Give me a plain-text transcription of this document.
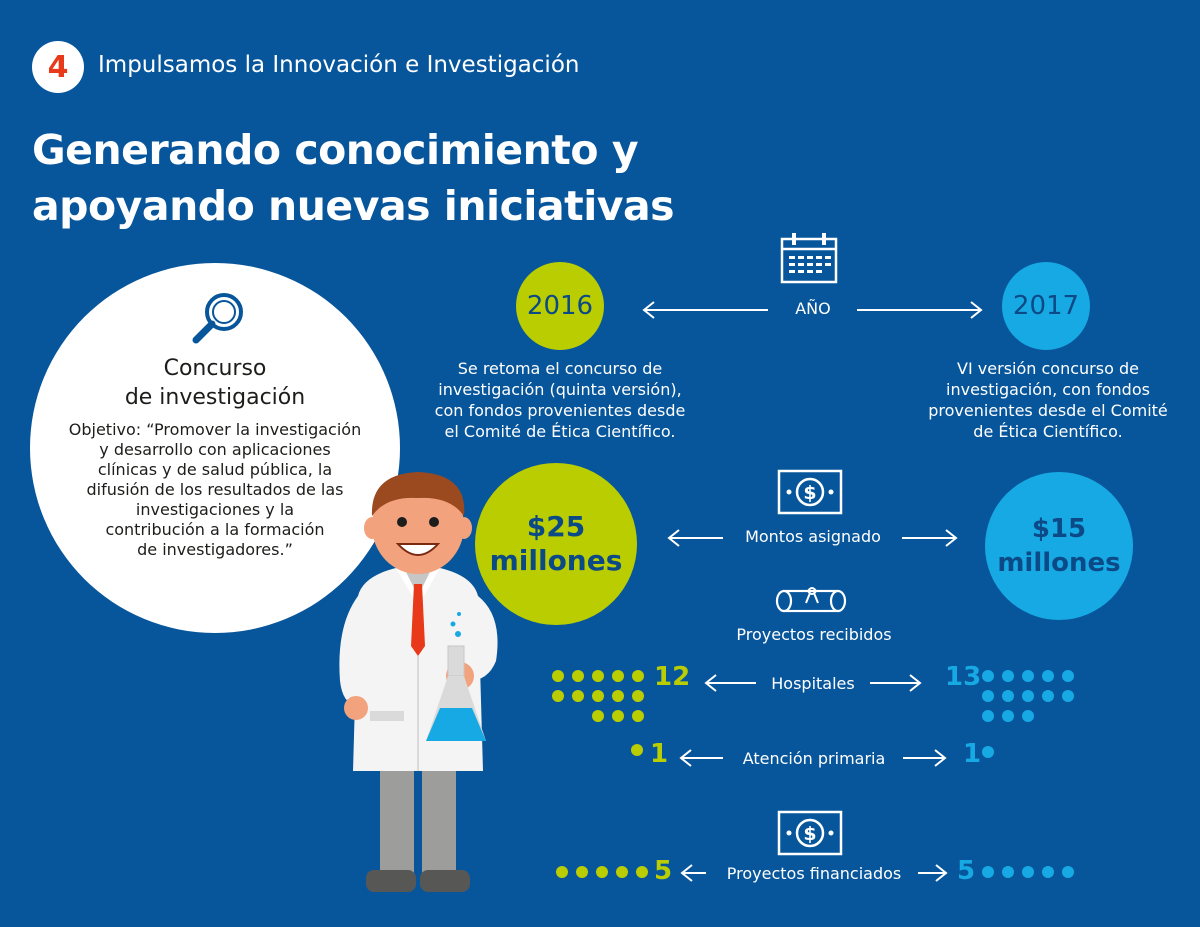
4	Impulsamos la Innovación e Investigación
Generando conocimiento y
apoyando nuevas iniciativas
Concurso
de investigación
Objetivo: “Promover la investigación
y desarrollo con aplicaciones
clínicas y de salud pública, la
difusión de los resultados de las
investigaciones y la
contribución a la formación
de investigadores.”
2016	2017
AÑO
Se retoma el concurso de
investigación (quinta versión),
con fondos provenientes desde
el Comité de Ética Científico.
VI versión concurso de
investigación, con fondos
provenientes desde el Comité
de Ética Científico.
$
$25
millones
$15
millones
Montos asignado
Proyectos recibidos
12	Hospitales	13
1	Atención primaria	1
$
5	Proyectos financiados	5
